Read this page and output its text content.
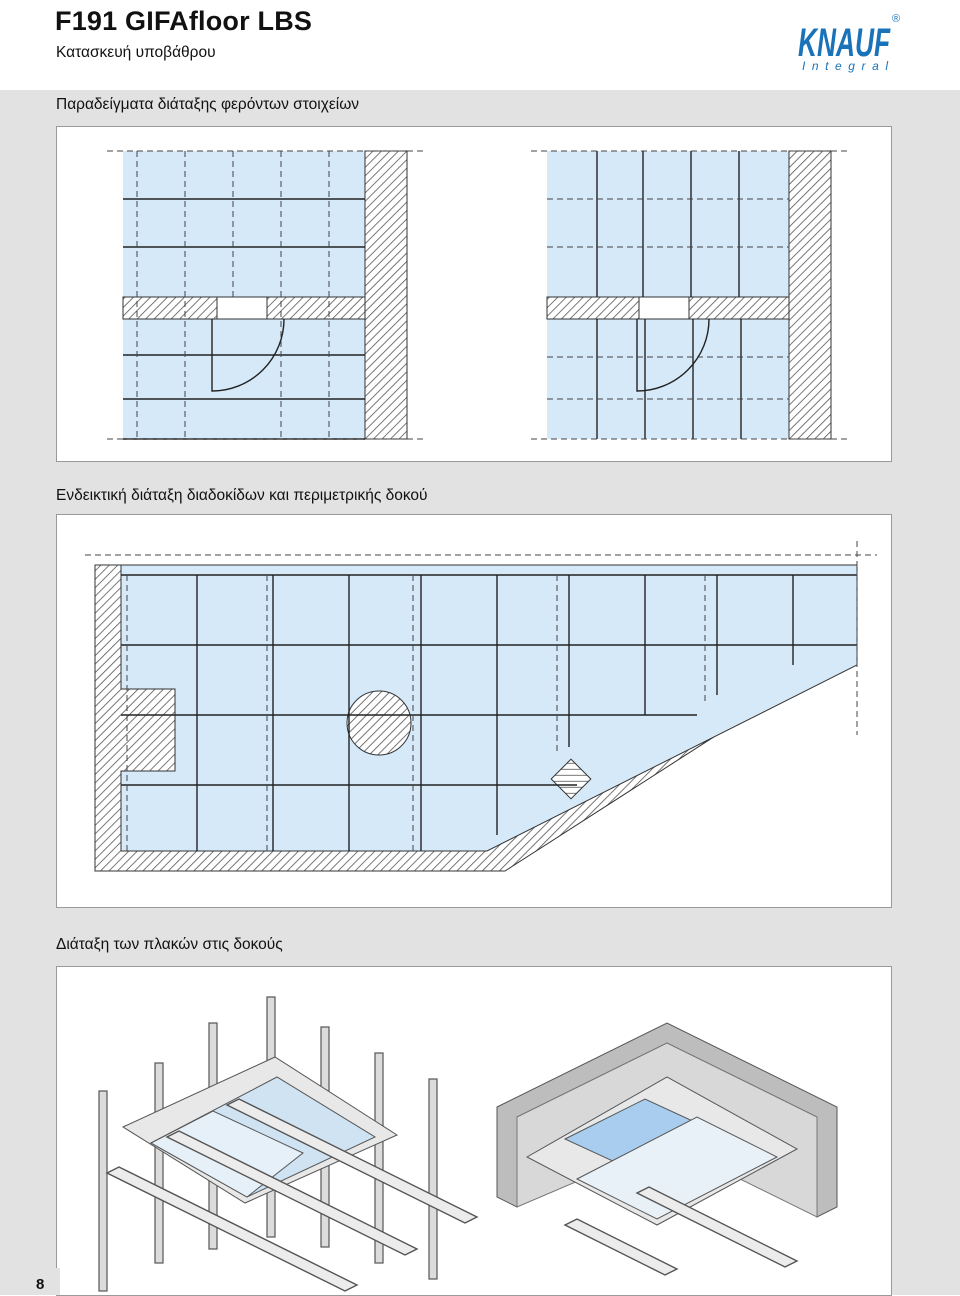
F191 GIFAfloor LBS
Κατασκευή υποβάθρου	KNAUF
Integral
®
Παραδείγματα διάταξης φερόντων στοιχείων
Ενδεικτική διάταξη διαδοκίδων και περιμετρικής δοκού
Διάταξη των πλακών στις δοκούς
8
